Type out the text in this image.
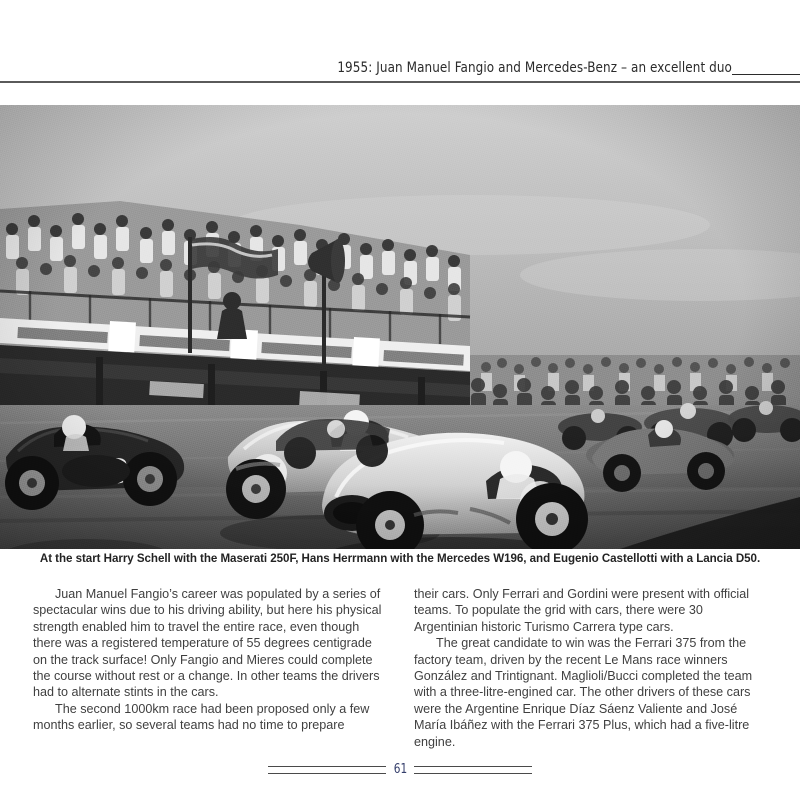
1955: Juan Manuel Fangio and Mercedes-Benz – an excellent duo
At the start Harry Schell with the Maserati 250F, Hans Herrmann with the Mercedes W196, and Eugenio Castellotti with a Lancia D50.

Juan Manuel Fangio’s career was populated by a series of spectacular wins due to his driving ability, but here his physical strength enabled him to travel the entire race, even though there was a registered temperature of 55 degrees centigrade on the track surface! Only Fangio and Mieres could complete the course without rest or a change. In other teams the drivers had to alternate stints in the cars.

The second 1000km race had been proposed only a few months earlier, so several teams had no time to prepare

their cars. Only Ferrari and Gordini were present with official teams. To populate the grid with cars, there were 30 Argentinian historic Turismo Carrera type cars.

The great candidate to win was the Ferrari 375 from the factory team, driven by the recent Le Mans race winners González and Trintignant. Maglioli/Bucci completed the team with a three-litre-engined car. The other drivers of these cars were the Argentine Enrique Díaz Sáenz Valiente and José María Ibáñez with the Ferrari 375 Plus, which had a five-litre engine.

61
